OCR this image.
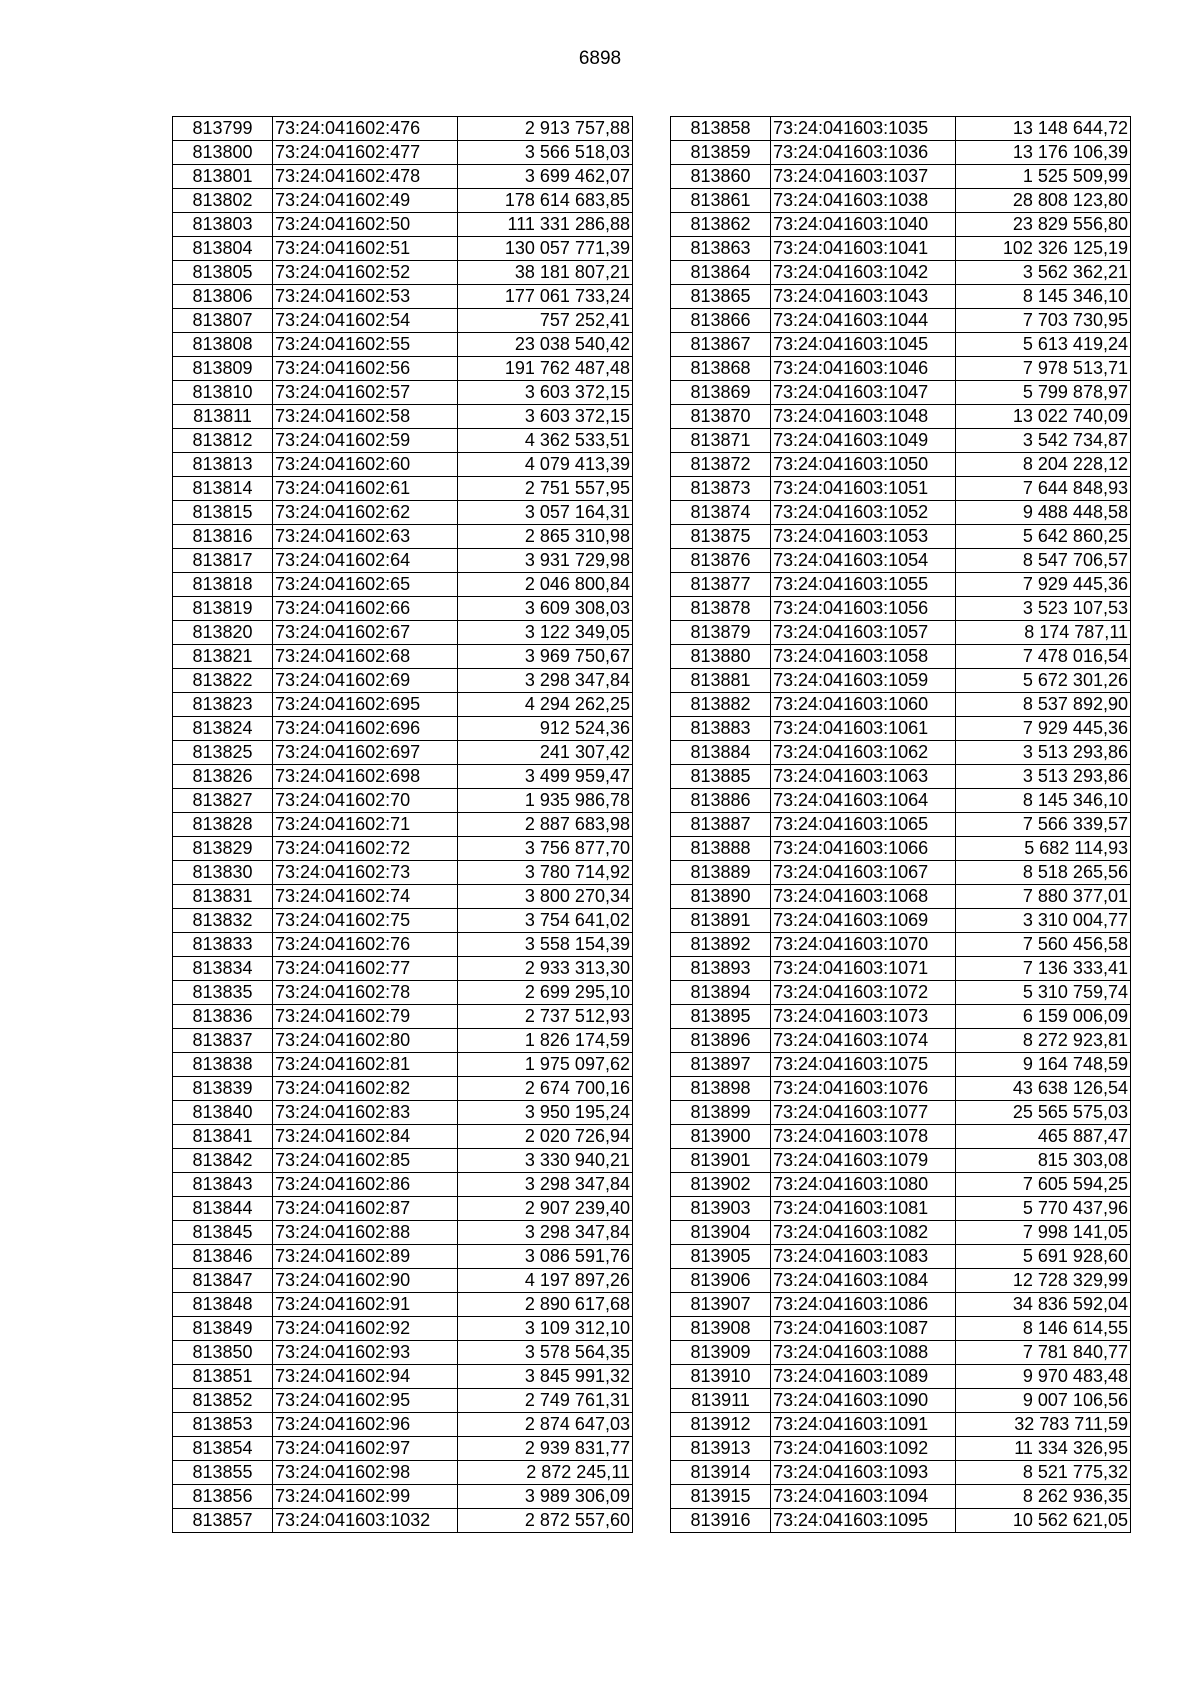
6898
813799	73:24:041602:476	2 913 757,88
813800	73:24:041602:477	3 566 518,03
813801	73:24:041602:478	3 699 462,07
813802	73:24:041602:49	178 614 683,85
813803	73:24:041602:50	111 331 286,88
813804	73:24:041602:51	130 057 771,39
813805	73:24:041602:52	38 181 807,21
813806	73:24:041602:53	177 061 733,24
813807	73:24:041602:54	757 252,41
813808	73:24:041602:55	23 038 540,42
813809	73:24:041602:56	191 762 487,48
813810	73:24:041602:57	3 603 372,15
813811	73:24:041602:58	3 603 372,15
813812	73:24:041602:59	4 362 533,51
813813	73:24:041602:60	4 079 413,39
813814	73:24:041602:61	2 751 557,95
813815	73:24:041602:62	3 057 164,31
813816	73:24:041602:63	2 865 310,98
813817	73:24:041602:64	3 931 729,98
813818	73:24:041602:65	2 046 800,84
813819	73:24:041602:66	3 609 308,03
813820	73:24:041602:67	3 122 349,05
813821	73:24:041602:68	3 969 750,67
813822	73:24:041602:69	3 298 347,84
813823	73:24:041602:695	4 294 262,25
813824	73:24:041602:696	912 524,36
813825	73:24:041602:697	241 307,42
813826	73:24:041602:698	3 499 959,47
813827	73:24:041602:70	1 935 986,78
813828	73:24:041602:71	2 887 683,98
813829	73:24:041602:72	3 756 877,70
813830	73:24:041602:73	3 780 714,92
813831	73:24:041602:74	3 800 270,34
813832	73:24:041602:75	3 754 641,02
813833	73:24:041602:76	3 558 154,39
813834	73:24:041602:77	2 933 313,30
813835	73:24:041602:78	2 699 295,10
813836	73:24:041602:79	2 737 512,93
813837	73:24:041602:80	1 826 174,59
813838	73:24:041602:81	1 975 097,62
813839	73:24:041602:82	2 674 700,16
813840	73:24:041602:83	3 950 195,24
813841	73:24:041602:84	2 020 726,94
813842	73:24:041602:85	3 330 940,21
813843	73:24:041602:86	3 298 347,84
813844	73:24:041602:87	2 907 239,40
813845	73:24:041602:88	3 298 347,84
813846	73:24:041602:89	3 086 591,76
813847	73:24:041602:90	4 197 897,26
813848	73:24:041602:91	2 890 617,68
813849	73:24:041602:92	3 109 312,10
813850	73:24:041602:93	3 578 564,35
813851	73:24:041602:94	3 845 991,32
813852	73:24:041602:95	2 749 761,31
813853	73:24:041602:96	2 874 647,03
813854	73:24:041602:97	2 939 831,77
813855	73:24:041602:98	2 872 245,11
813856	73:24:041602:99	3 989 306,09
813857	73:24:041603:1032	2 872 557,60
813858	73:24:041603:1035	13 148 644,72
813859	73:24:041603:1036	13 176 106,39
813860	73:24:041603:1037	1 525 509,99
813861	73:24:041603:1038	28 808 123,80
813862	73:24:041603:1040	23 829 556,80
813863	73:24:041603:1041	102 326 125,19
813864	73:24:041603:1042	3 562 362,21
813865	73:24:041603:1043	8 145 346,10
813866	73:24:041603:1044	7 703 730,95
813867	73:24:041603:1045	5 613 419,24
813868	73:24:041603:1046	7 978 513,71
813869	73:24:041603:1047	5 799 878,97
813870	73:24:041603:1048	13 022 740,09
813871	73:24:041603:1049	3 542 734,87
813872	73:24:041603:1050	8 204 228,12
813873	73:24:041603:1051	7 644 848,93
813874	73:24:041603:1052	9 488 448,58
813875	73:24:041603:1053	5 642 860,25
813876	73:24:041603:1054	8 547 706,57
813877	73:24:041603:1055	7 929 445,36
813878	73:24:041603:1056	3 523 107,53
813879	73:24:041603:1057	8 174 787,11
813880	73:24:041603:1058	7 478 016,54
813881	73:24:041603:1059	5 672 301,26
813882	73:24:041603:1060	8 537 892,90
813883	73:24:041603:1061	7 929 445,36
813884	73:24:041603:1062	3 513 293,86
813885	73:24:041603:1063	3 513 293,86
813886	73:24:041603:1064	8 145 346,10
813887	73:24:041603:1065	7 566 339,57
813888	73:24:041603:1066	5 682 114,93
813889	73:24:041603:1067	8 518 265,56
813890	73:24:041603:1068	7 880 377,01
813891	73:24:041603:1069	3 310 004,77
813892	73:24:041603:1070	7 560 456,58
813893	73:24:041603:1071	7 136 333,41
813894	73:24:041603:1072	5 310 759,74
813895	73:24:041603:1073	6 159 006,09
813896	73:24:041603:1074	8 272 923,81
813897	73:24:041603:1075	9 164 748,59
813898	73:24:041603:1076	43 638 126,54
813899	73:24:041603:1077	25 565 575,03
813900	73:24:041603:1078	465 887,47
813901	73:24:041603:1079	815 303,08
813902	73:24:041603:1080	7 605 594,25
813903	73:24:041603:1081	5 770 437,96
813904	73:24:041603:1082	7 998 141,05
813905	73:24:041603:1083	5 691 928,60
813906	73:24:041603:1084	12 728 329,99
813907	73:24:041603:1086	34 836 592,04
813908	73:24:041603:1087	8 146 614,55
813909	73:24:041603:1088	7 781 840,77
813910	73:24:041603:1089	9 970 483,48
813911	73:24:041603:1090	9 007 106,56
813912	73:24:041603:1091	32 783 711,59
813913	73:24:041603:1092	11 334 326,95
813914	73:24:041603:1093	8 521 775,32
813915	73:24:041603:1094	8 262 936,35
813916	73:24:041603:1095	10 562 621,05
